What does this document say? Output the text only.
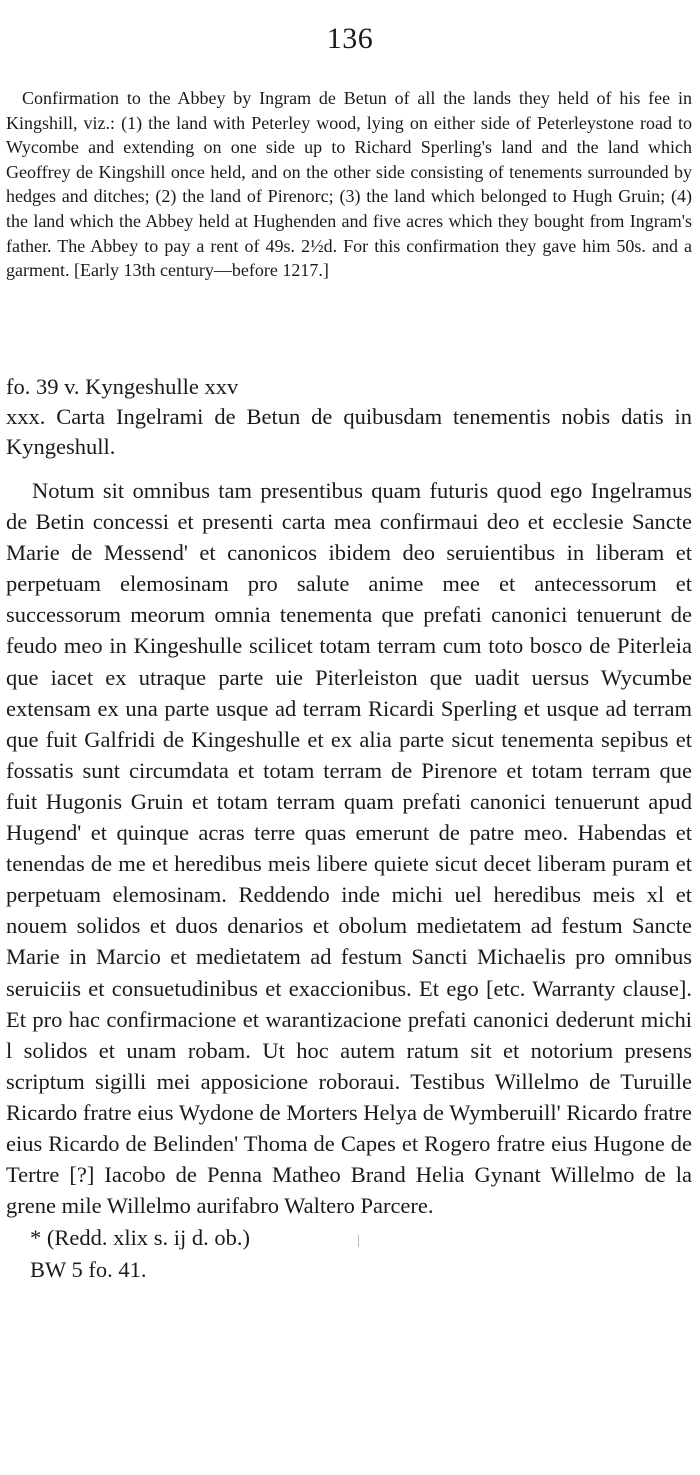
136

Confirmation to the Abbey by Ingram de Betun of all the lands they held of his fee in Kingshill, viz.: (1) the land with Peterley wood, lying on either side of Peterleystone road to Wycombe and extending on one side up to Richard Sperling's land and the land which Geoffrey de Kingshill once held, and on the other side consisting of tenements surrounded by hedges and ditches; (2) the land of Pirenorc; (3) the land which belonged to Hugh Gruin; (4) the land which the Abbey held at Hughenden and five acres which they bought from Ingram's father. The Abbey to pay a rent of 49s. 2½d. For this confirmation they gave him 50s. and a garment. [Early 13th century—before 1217.]

fo. 39 v. Kyngeshulle xxv
xxx. Carta Ingelrami de Betun de quibusdam tenementis nobis datis in Kyngeshull.

Notum sit omnibus tam presentibus quam futuris quod ego Ingelramus de Betin concessi et presenti carta mea confirmaui deo et ecclesie Sancte Marie de Messend' et canonicos ibidem deo seruientibus in liberam et perpetuam elemosinam pro salute anime mee et antecessorum et successorum meorum omnia tenementa que prefati canonici tenuerunt de feudo meo in Kingeshulle scilicet totam terram cum toto bosco de Piterleia que iacet ex utraque parte uie Piterleiston que uadit uersus Wycumbe extensam ex una parte usque ad terram Ricardi Sperling et usque ad terram que fuit Galfridi de Kingeshulle et ex alia parte sicut tenementa sepibus et fossatis sunt circumdata et totam terram de Pirenore et totam terram que fuit Hugonis Gruin et totam terram quam prefati canonici tenuerunt apud Hugend' et quinque acras terre quas emerunt de patre meo. Habendas et tenendas de me et heredibus meis libere quiete sicut decet liberam puram et perpetuam elemosinam. Reddendo inde michi uel heredibus meis xl et nouem solidos et duos denarios et obolum medietatem ad festum Sancte Marie in Marcio et medietatem ad festum Sancti Michaelis pro omnibus seruiciis et consuetudinibus et exaccionibus. Et ego [etc. Warranty clause]. Et pro hac confirmacione et warantizacione prefati canonici dederunt michi l solidos et unam robam. Ut hoc autem ratum sit et notorium presens scriptum sigilli mei apposicione roboraui. Testibus Willelmo de Turuille Ricardo fratre eius Wydone de Morters Helya de Wymberuill' Ricardo fratre eius Ricardo de Belinden' Thoma de Capes et Rogero fratre eius Hugone de Tertre [?] Iacobo de Penna Matheo Brand Helia Gynant Willelmo de la grene mile Willelmo aurifabro Waltero Parcere.

* (Redd. xlix s. ij d. ob.)

BW 5 fo. 41.
